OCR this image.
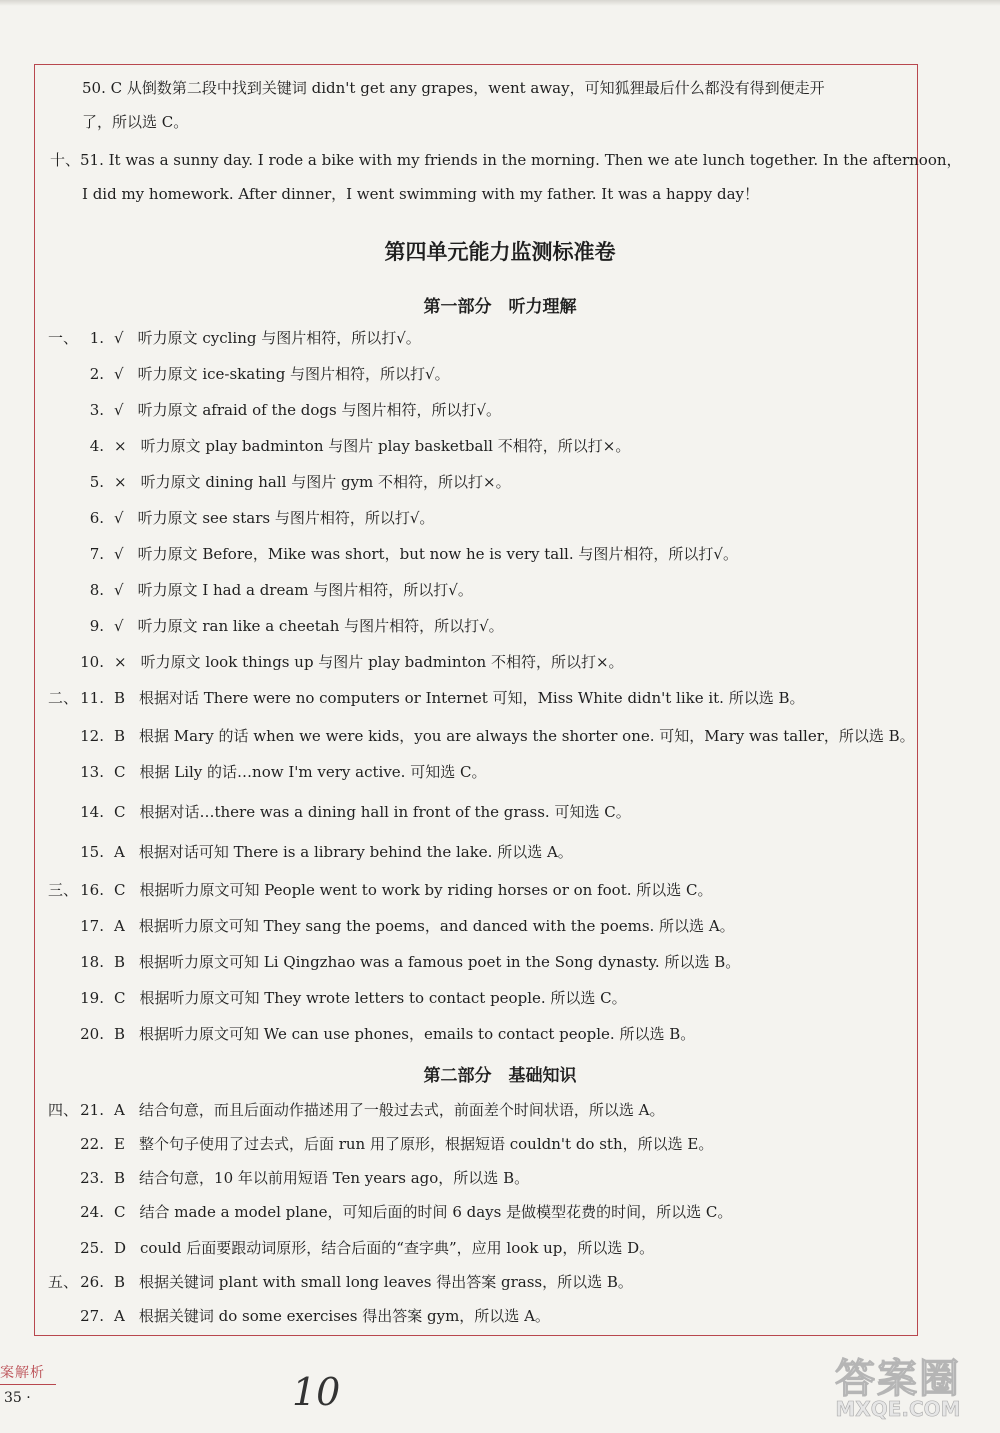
50. C 从倒数第二段中找到关键词 didn't get any grapes，went away，可知狐狸最后什么都没有得到便走开
了，所以选 C。
十、51. It was a sunny day. I rode a bike with my friends in the morning. Then we ate lunch together. In the afternoon，
I did my homework. After dinner，I went swimming with my father. It was a happy day！
第四单元能力监测标准卷
第一部分　听力理解
第二部分　基础知识
一、 1. √ 听力原文 cycling 与图片相符，所以打√。
2. √ 听力原文 ice-skating 与图片相符，所以打√。
3. √ 听力原文 afraid of the dogs 与图片相符，所以打√。
4. × 听力原文 play badminton 与图片 play basketball 不相符，所以打×。
5. × 听力原文 dining hall 与图片 gym 不相符，所以打×。
6. √ 听力原文 see stars 与图片相符，所以打√。
7. √ 听力原文 Before，Mike was short，but now he is very tall. 与图片相符，所以打√。
8. √ 听力原文 I had a dream 与图片相符，所以打√。
9. √ 听力原文 ran like a cheetah 与图片相符，所以打√。
10. × 听力原文 look things up 与图片 play badminton 不相符，所以打×。
二、 11. B 根据对话 There were no computers or Internet 可知，Miss White didn't like it. 所以选 B。
12. B 根据 Mary 的话 when we were kids，you are always the shorter one. 可知，Mary was taller，所以选 B。
13. C 根据 Lily 的话…now I'm very active. 可知选 C。
14. C 根据对话…there was a dining hall in front of the grass. 可知选 C。
15. A 根据对话可知 There is a library behind the lake. 所以选 A。
三、 16. C 根据听力原文可知 People went to work by riding horses or on foot. 所以选 C。
17. A 根据听力原文可知 They sang the poems，and danced with the poems. 所以选 A。
18. B 根据听力原文可知 Li Qingzhao was a famous poet in the Song dynasty. 所以选 B。
19. C 根据听力原文可知 They wrote letters to contact people. 所以选 C。
20. B 根据听力原文可知 We can use phones，emails to contact people. 所以选 B。
四、 21. A 结合句意，而且后面动作描述用了一般过去式，前面差个时间状语，所以选 A。
22. E 整个句子使用了过去式，后面 run 用了原形，根据短语 couldn't do sth，所以选 E。
23. B 结合句意，10 年以前用短语 Ten years ago，所以选 B。
24. C 结合 made a model plane，可知后面的时间 6 days 是做模型花费的时间，所以选 C。
25. D could 后面要跟动词原形，结合后面的“查字典”，应用 look up，所以选 D。
五、 26. B 根据关键词 plant with small long leaves 得出答案 grass，所以选 B。
27. A 根据关键词 do some exercises 得出答案 gym，所以选 A。
案解析
35 ·	10	答案圈
MXQE.COM
